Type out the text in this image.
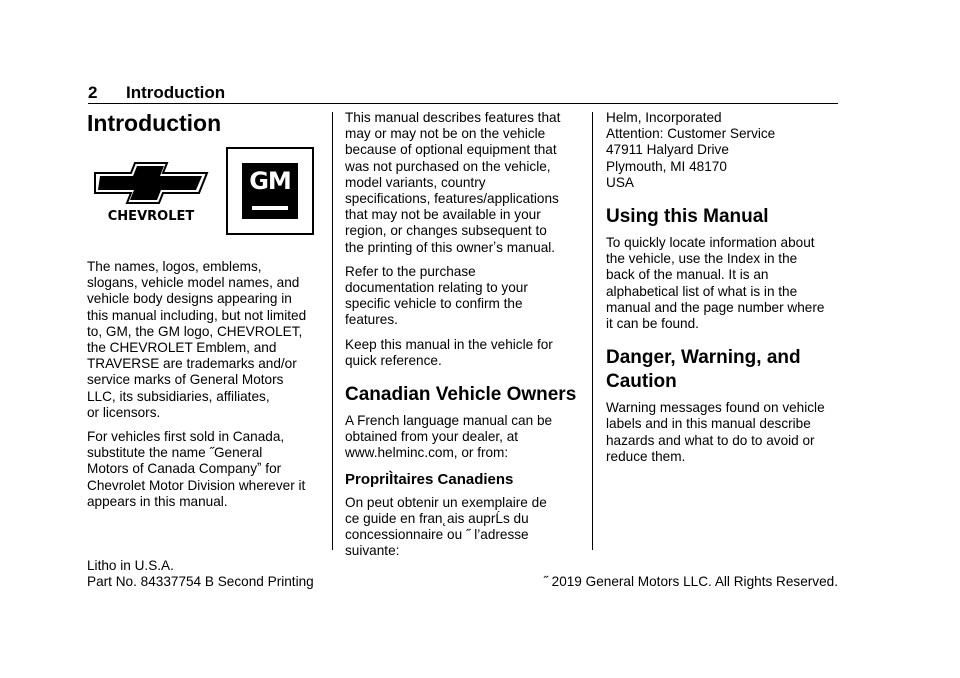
2 Introduction
Introduction
CHEVROLET
GM

The names, logos, emblems,
slogans, vehicle model names, and
vehicle body designs appearing in
this manual including, but not limited
to, GM, the GM logo, CHEVROLET,
the CHEVROLET Emblem, and
TRAVERSE are trademarks and/or
service marks of General Motors
LLC, its subsidiaries, affiliates,
or licensors.

For vehicles first sold in Canada,
substitute the name ˝General
Motors of Canada Companyˮ for
Chevrolet Motor Division wherever it
appears in this manual.

This manual describes features that
may or may not be on the vehicle
because of optional equipment that
was not purchased on the vehicle,
model variants, country
specifications, features/applications
that may not be available in your
region, or changes subsequent to
the printing of this ownerʼs manual.

Refer to the purchase
documentation relating to your
specific vehicle to confirm the
features.

Keep this manual in the vehicle for
quick reference.

Canadian Vehicle Owners

A French language manual can be
obtained from your dealer, at
www.helminc.com, or from:

PropriÌtaires Canadiens

On peut obtenir un exemplaire de
ce guide en fran˛ais auprĹs du
concessionnaire ou ˝ l’adresse
suivante:

Helm, Incorporated
Attention: Customer Service
47911 Halyard Drive
Plymouth, MI 48170
USA

Using this Manual

To quickly locate information about
the vehicle, use the Index in the
back of the manual. It is an
alphabetical list of what is in the
manual and the page number where
it can be found.

Danger, Warning, and
Caution

Warning messages found on vehicle
labels and in this manual describe
hazards and what to do to avoid or
reduce them.

Litho in U.S.A.
Part No. 84337754 B Second Printing	˝ 2019 General Motors LLC. All Rights Reserved.
